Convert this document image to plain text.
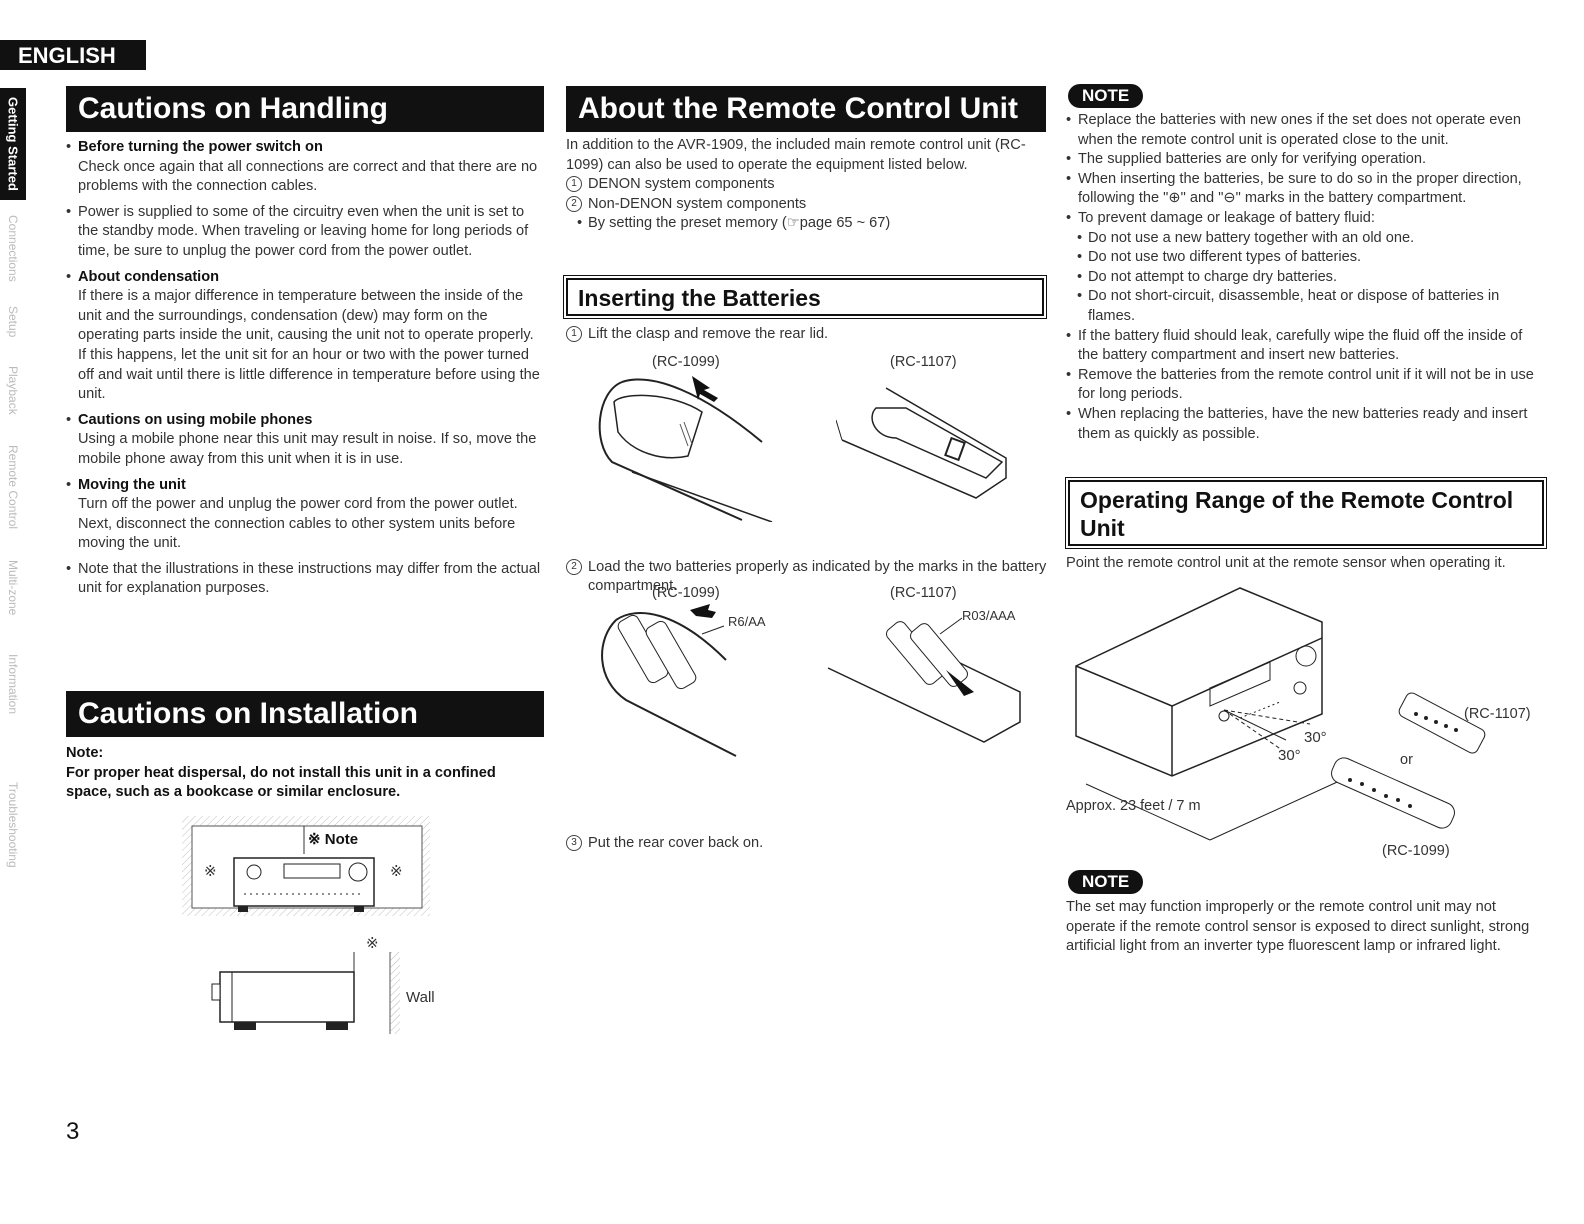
ENGLISH
Getting Started
Connections
Setup
Playback
Remote Control
Multi-zone
Information
Troubleshooting
Cautions on Handling
• Before turning the power switch on
Check once again that all connections are correct and that there are no problems with the connection cables.
• Power is supplied to some of the circuitry even when the unit is set to the standby mode. When traveling or leaving home for long periods of time, be sure to unplug the power cord from the power outlet.
• About condensation
If there is a major difference in temperature between the inside of the unit and the surroundings, condensation (dew) may form on the operating parts inside the unit, causing the unit not to operate properly.
If this happens, let the unit sit for an hour or two with the power turned off and wait until there is little difference in temperature before using the unit.
• Cautions on using mobile phones
Using a mobile phone near this unit may result in noise. If so, move the mobile phone away from this unit when it is in use.
• Moving the unit
Turn off the power and unplug the power cord from the power outlet.
Next, disconnect the connection cables to other system units before moving the unit.
• Note that the illustrations in these instructions may differ from the actual unit for explanation purposes.
Cautions on Installation
Note:
For proper heat dispersal, do not install this unit in a confined space, such as a bookcase or similar enclosure.
※ Note
※	※
※
Wall
About the Remote Control Unit
In addition to the AVR-1909, the included main remote control unit (RC-1099) can also be used to operate the equipment listed below.
1 DENON system components
2 Non-DENON system components
• By setting the preset memory (☞page 65 ~ 67)
Inserting the Batteries
1 Lift the clasp and remove the rear lid.
(RC-1099)	(RC-1107)
2 Load the two batteries properly as indicated by the marks in the battery compartment.
(RC-1099)	(RC-1107)
R6/AA	R03/AAA
3 Put the rear cover back on.
NOTE
• Replace the batteries with new ones if the set does not operate even when the remote control unit is operated close to the unit.
• The supplied batteries are only for verifying operation.
• When inserting the batteries, be sure to do so in the proper direction, following the "⊕" and "⊖" marks in the battery compartment.
• To prevent damage or leakage of battery fluid:
• Do not use a new battery together with an old one.
• Do not use two different types of batteries.
• Do not attempt to charge dry batteries.
• Do not short-circuit, disassemble, heat or dispose of batteries in flames.
• If the battery fluid should leak, carefully wipe the fluid off the inside of the battery compartment and insert new batteries.
• Remove the batteries from the remote control unit if it will not be in use for long periods.
• When replacing the batteries, have the new batteries ready and insert them as quickly as possible.
Operating Range of the Remote Control Unit
Point the remote control unit at the remote sensor when operating it.
30°
30°
(RC-1107)
or
Approx. 23 feet / 7 m
(RC-1099)
NOTE
The set may function improperly or the remote control unit may not operate if the remote control sensor is exposed to direct sunlight, strong artificial light from an inverter type fluorescent lamp or infrared light.
3
